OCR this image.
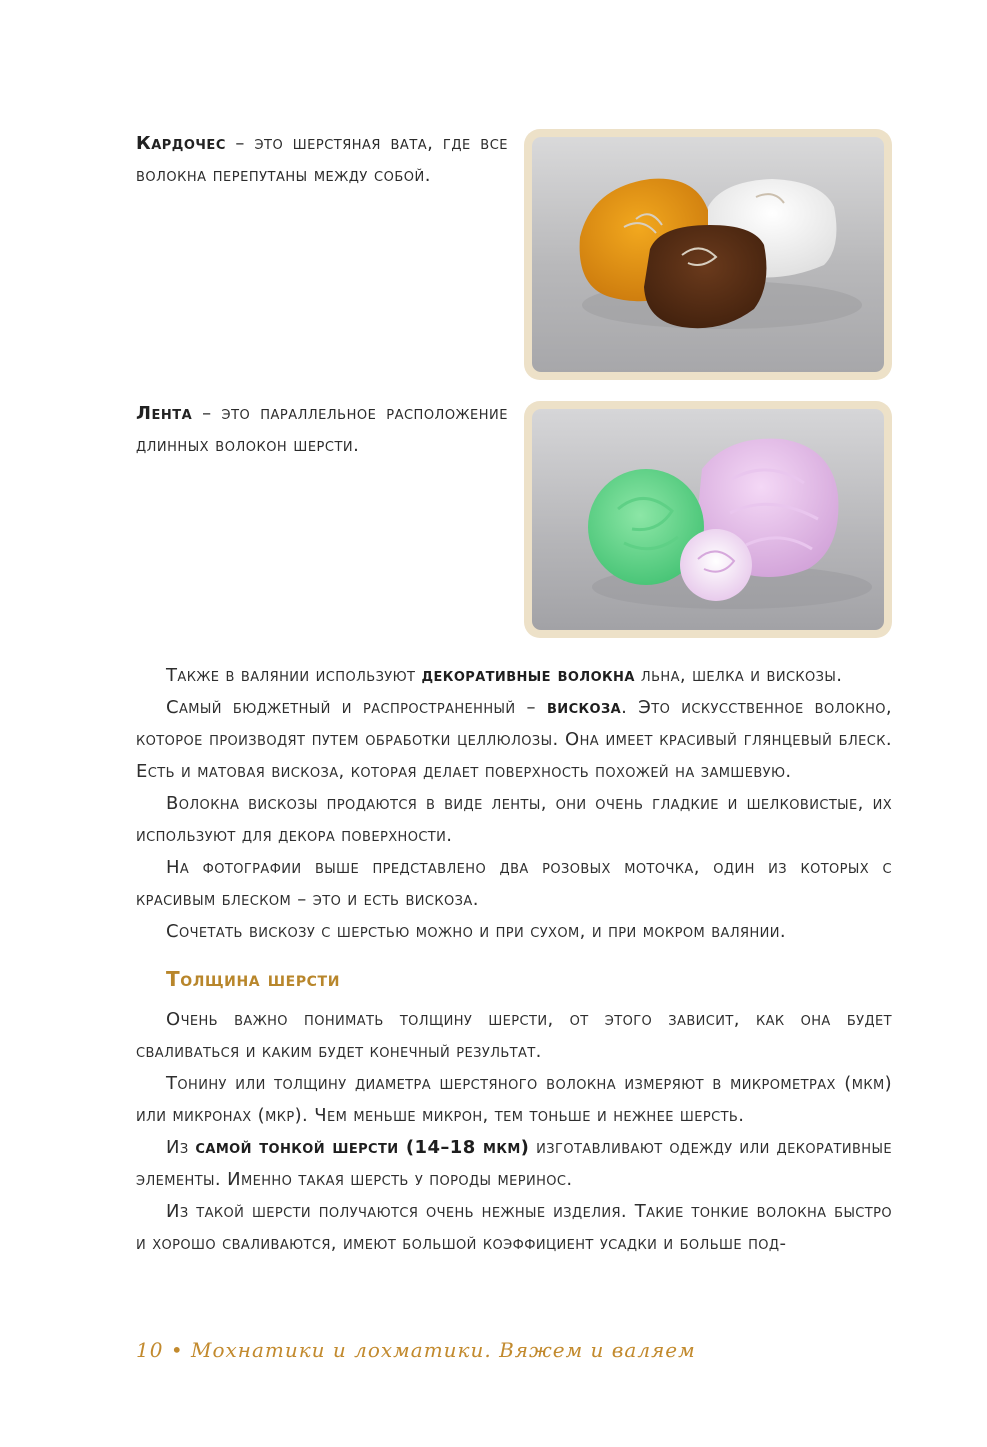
Кардочес – это шерстяная вата, где все волокна перепутаны между собой.

Лента – это параллельное расположение длинных волокон шерсти.

Также в валянии используют декоративные волокна льна, шелка и вискозы.

Самый бюджетный и распространенный – вискоза. Это искусственное волокно, которое производят путем обработки целлюлозы. Она имеет красивый глянцевый блеск. Есть и матовая вискоза, которая делает поверхность похожей на замшевую.

Волокна вискозы продаются в виде ленты, они очень гладкие и шелковистые, их используют для декора поверхности.

На фотографии выше представлено два розовых моточка, один из которых с красивым блеском – это и есть вискоза.

Сочетать вискозу с шерстью можно и при сухом, и при мокром валянии.

Толщина шерсти

Очень важно понимать толщину шерсти, от этого зависит, как она будет сваливаться и каким будет конечный результат.

Тонину или толщину диаметра шерстяного волокна измеряют в микрометрах (мкм) или микронах (мкр). Чем меньше микрон, тем тоньше и нежнее шерсть.

Из самой тонкой шерсти (14–18 мкм) изготавливают одежду или декоративные элементы. Именно такая шерсть у породы меринос.

Из такой шерсти получаются очень нежные изделия. Такие тонкие волокна быстро и хорошо сваливаются, имеют большой коэффициент усадки и больше под-

10 • Мохнатики и лохматики. Вяжем и валяем
